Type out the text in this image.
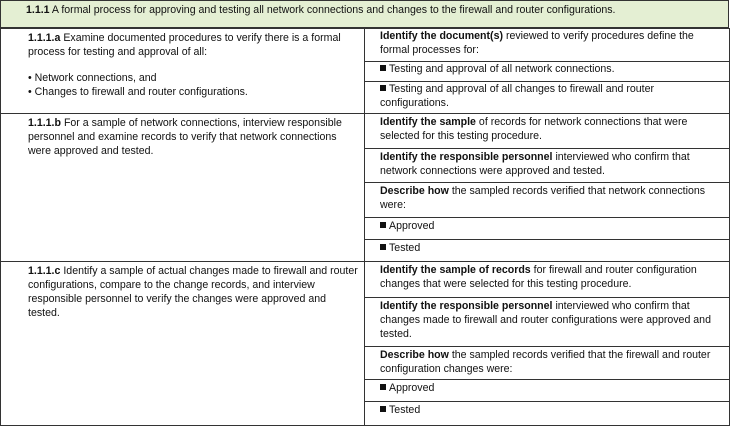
1.1.1 A formal process for approving and testing all network connections and changes to the firewall and router configurations.
1.1.1.a Examine documented procedures to verify there is a formal process for testing and approval of all:
• Network connections, and
• Changes to firewall and router configurations.
Identify the document(s) reviewed to verify procedures define the formal processes for:
Testing and approval of all network connections.
Testing and approval of all changes to firewall and router configurations.
1.1.1.b For a sample of network connections, interview responsible personnel and examine records to verify that network connections were approved and tested.
Identify the sample of records for network connections that were selected for this testing procedure.
Identify the responsible personnel interviewed who confirm that network connections were approved and tested.
Describe how the sampled records verified that network connections were:
Approved
Tested
1.1.1.c Identify a sample of actual changes made to firewall and router configurations, compare to the change records, and interview responsible personnel to verify the changes were approved and tested.
Identify the sample of records for firewall and router configuration changes that were selected for this testing procedure.
Identify the responsible personnel interviewed who confirm that changes made to firewall and router configurations were approved and tested.
Describe how the sampled records verified that the firewall and router configuration changes were:
Approved
Tested
